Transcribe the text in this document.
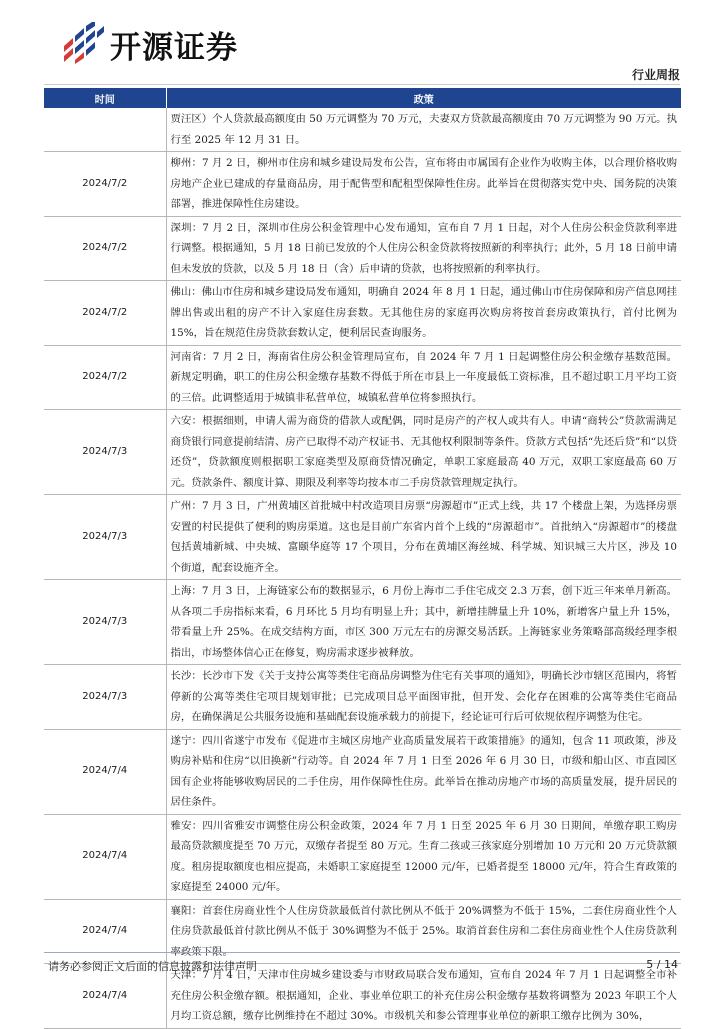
开源证券
行业周报
时间	政策
	贾汪区）个人贷款最高额度由 50 万元调整为 70 万元，夫妻双方贷款最高额度由 70 万元调整为 90 万元。执行至 2025 年 12 月 31 日。
2024/7/2	柳州：7 月 2 日，柳州市住房和城乡建设局发布公告，宣布将由市属国有企业作为收购主体，以合理价格收购房地产企业已建成的存量商品房，用于配售型和配租型保障性住房。此举旨在贯彻落实党中央、国务院的决策部署，推进保障性住房建设。
2024/7/2	深圳：7 月 2 日，深圳市住房公积金管理中心发布通知，宣布自 7 月 1 日起，对个人住房公积金贷款利率进行调整。根据通知，5 月 18 日前已发放的个人住房公积金贷款将按照新的利率执行；此外，5 月 18 日前申请但未发放的贷款，以及 5 月 18 日（含）后申请的贷款，也将按照新的利率执行。
2024/7/2	佛山：佛山市住房和城乡建设局发布通知，明确自 2024 年 8 月 1 日起，通过佛山市住房保障和房产信息网挂牌出售或出租的房产不计入家庭住房套数。无其他住房的家庭再次购房将按首套房政策执行，首付比例为 15%，旨在规范住房贷款套数认定，便利居民查询服务。
2024/7/2	河南省：7 月 2 日，海南省住房公积金管理局宣布，自 2024 年 7 月 1 日起调整住房公积金缴存基数范围。新规定明确，职工的住房公积金缴存基数不得低于所在市县上一年度最低工资标准，且不超过职工月平均工资的三倍。此调整适用于城镇非私营单位，城镇私营单位将参照执行。
2024/7/3	六安：根据细则，申请人需为商贷的借款人或配偶，同时是房产的产权人或共有人。申请“商转公”贷款需满足商贷银行同意提前结清、房产已取得不动产权证书、无其他权利限制等条件。贷款方式包括“先还后贷”和“以贷还贷”，贷款额度则根据职工家庭类型及原商贷情况确定，单职工家庭最高 40 万元，双职工家庭最高 60 万元。贷款条件、额度计算、期限及利率等均按本市二手房贷款管理规定执行。
2024/7/3	广州：7 月 3 日，广州黄埔区首批城中村改造项目房票“房源超市”正式上线，共 17 个楼盘上架，为选择房票安置的村民提供了便利的购房渠道。这也是目前广东省内首个上线的“房源超市”。首批纳入“房源超市”的楼盘包括黄埔新城、中央城、富颐华庭等 17 个项目，分布在黄埔区海丝城、科学城、知识城三大片区，涉及 10 个街道，配套设施齐全。
2024/7/3	上海：7 月 3 日，上海链家公布的数据显示，6 月份上海市二手住宅成交 2.3 万套，创下近三年来单月新高。从各项二手房指标来看，6 月环比 5 月均有明显上升；其中，新增挂牌量上升 10%，新增客户量上升 15%，带看量上升 25%。在成交结构方面，市区 300 万元左右的房源交易活跃。上海链家业务策略部高级经理李根指出，市场整体信心正在修复，购房需求逐步被释放。
2024/7/3	长沙：长沙市下发《关于支持公寓等类住宅商品房调整为住宅有关事项的通知》，明确长沙市辖区范围内，将暂停新的公寓等类住宅项目规划审批；已完成项目总平面图审批，但开发、会化存在困难的公寓等类住宅商品房，在确保满足公共服务设施和基础配套设施承载力的前提下，经论证可行后可依规依程序调整为住宅。
2024/7/4	遂宁：四川省遂宁市发布《促进市主城区房地产业高质量发展若干政策措施》的通知，包含 11 项政策，涉及购房补贴和住房“以旧换新”行动等。自 2024 年 7 月 1 日至 2026 年 6 月 30 日，市级和船山区、市直园区国有企业将能够收购居民的二手住房，用作保障性住房。此举旨在推动房地产市场的高质量发展，提升居民的居住条件。
2024/7/4	雅安：四川省雅安市调整住房公积金政策，2024 年 7 月 1 日至 2025 年 6 月 30 日期间，单缴存职工购房最高贷款额度提至 70 万元，双缴存者提至 80 万元。生育二孩或三孩家庭分别增加 10 万元和 20 万元贷款额度。租房提取额度也相应提高，未婚职工家庭提至 12000 元/年，已婚者提至 18000 元/年，符合生育政策的家庭提至 24000 元/年。
2024/7/4	襄阳：首套住房商业性个人住房贷款最低首付款比例从不低于 20%调整为不低于 15%，二套住房商业性个人住房贷款最低首付款比例从不低于 30%调整为不低于 25%。取消首套住房和二套住房商业性个人住房贷款利率政策下限。
2024/7/4	天津：7 月 4 日，天津市住房城乡建设委与市财政局联合发布通知，宣布自 2024 年 7 月 1 日起调整全市补充住房公积金缴存额。根据通知，企业、事业单位职工的补充住房公积金缴存基数将调整为 2023 年职工个人月均工资总额，缴存比例维持在不超过 30%。市级机关和参公管理事业单位的新职工缴存比例为 30%，
请务必参阅正文后面的信息披露和法律声明	5 / 14
